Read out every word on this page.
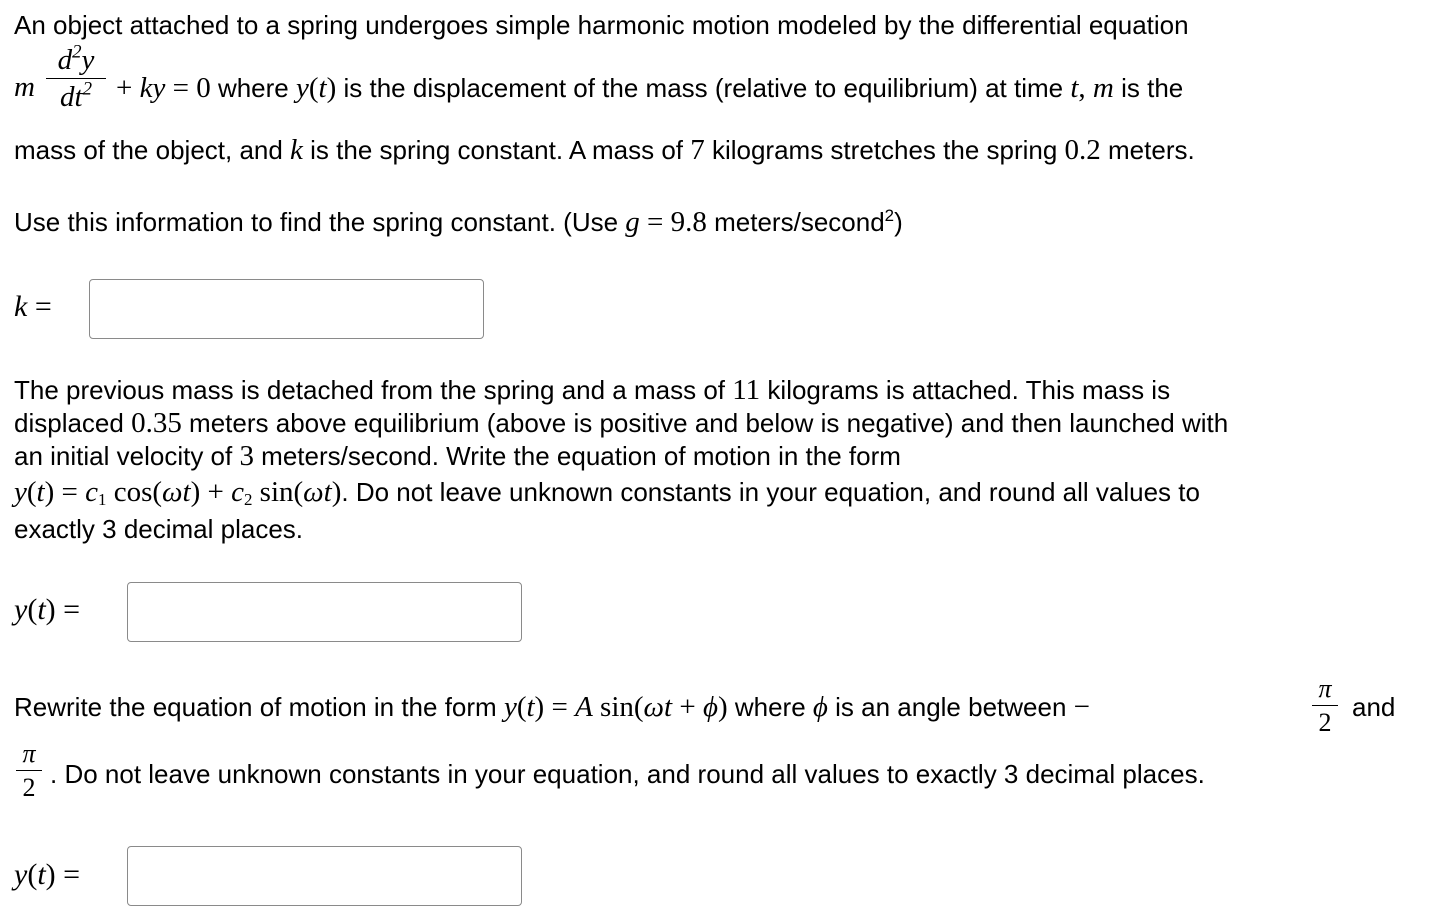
An object attached to a spring undergoes simple harmonic motion modeled by the differential equation
m
$d^2y$
$dt^2$ + ky = 0 where y(t) is the displacement of the mass (relative to equilibrium) at time t, m is the
mass of the object, and k is the spring constant. A mass of 7 kilograms stretches the spring 0.2 meters.
Use this information to find the spring constant. (Use g = 9.8 meters/second$^2$)
k =
The previous mass is detached from the spring and a mass of 11 kilograms is attached. This mass is
displaced 0.35 meters above equilibrium (above is positive and below is negative) and then launched with
an initial velocity of 3 meters/second. Write the equation of motion in the form
$y(t) = c_1$ $\cos(\omega t) + c_2$ sin(ωt). Do not leave unknown constants in your equation, and round all values to
exactly 3 decimal places.
y(t) =
Rewrite the equation of motion in the form y(t) = A sin(ωt + ϕ) where ϕ is an angle between −
π
2
and
π
2 . Do not leave unknown constants in your equation, and round all values to exactly 3 decimal places.
y(t) =
